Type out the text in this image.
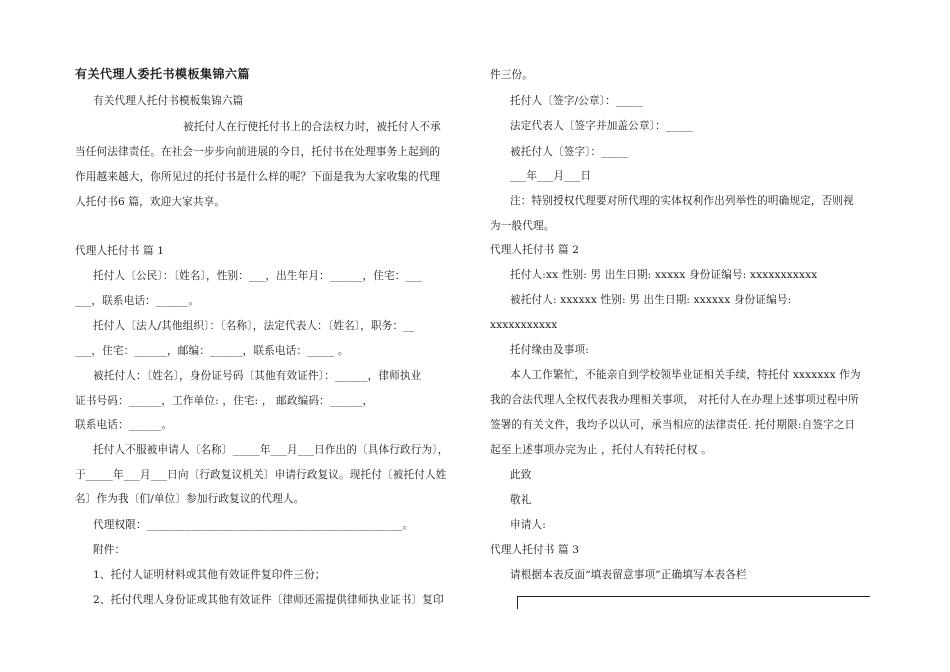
有关代理人委托书模板集锦六篇
有关代理人托付书模板集锦六篇
被托付人在行使托付书上的合法权力时，被托付人不承
当任何法律责任。在社会一步步向前进展的今日，托付书在处理事务上起到的
作用越来越大，你所见过的托付书是什么样的呢？下面是我为大家收集的代理
人托付书6 篇，欢迎大家共享。
代理人托付书 篇 1
托付人〔公民〕：〔姓名〕，性别：___，出生年月：______，住宅：___
___，联系电话：______。
托付人〔法人/其他组织〕：〔名称〕，法定代表人：〔姓名〕，职务：__
___，住宅：______，邮编：______，联系电话：_____ 。
被托付人：〔姓名〕，身份证号码〔其他有效证件〕：______，律师执业
证书号码：______，工作单位: ，住宅: ， 邮政编码：______，
联系电话：______。
托付人不服被申请人〔名称〕_____年___月___日作出的〔具体行政行为〕，
于_____年___月___日向〔行政复议机关〕申请行政复议。现托付〔被托付人姓
名〕作为我〔们/单位〕参加行政复议的代理人。
代理权限：_______________________________________________。
附件：
1、托付人证明材料或其他有效证件复印件三份；
2、托付代理人身份证或其他有效证件〔律师还需提供律师执业证书〕复印
件三份。
托付人〔签字/公章〕：_____
法定代表人〔签字并加盖公章〕：_____
被托付人〔签字〕：_____
___年___月___日
注：特别授权代理要对所代理的实体权利作出列举性的明确规定，否则视
为一般代理。
代理人托付书 篇 2
托付人:xx 性别: 男 出生日期: xxxxx 身份证编号: xxxxxxxxxxx
被托付人: xxxxxx 性别: 男 出生日期: xxxxxx 身份证编号:
xxxxxxxxxxx
托付缘由及事项:
本人工作繁忙，不能亲自到学校领毕业证相关手续，特托付 xxxxxxx 作为
我的合法代理人全权代表我办理相关事项， 对托付人在办理上述事项过程中所
签署的有关文件，我均予以认可，承当相应的法律责任. 托付期限:自签字之日
起至上述事项办完为止 ，托付人有转托付权 。
此致
敬礼
申请人:
代理人托付书 篇 3
请根据本表反面“填表留意事项”正确填写本表各栏
